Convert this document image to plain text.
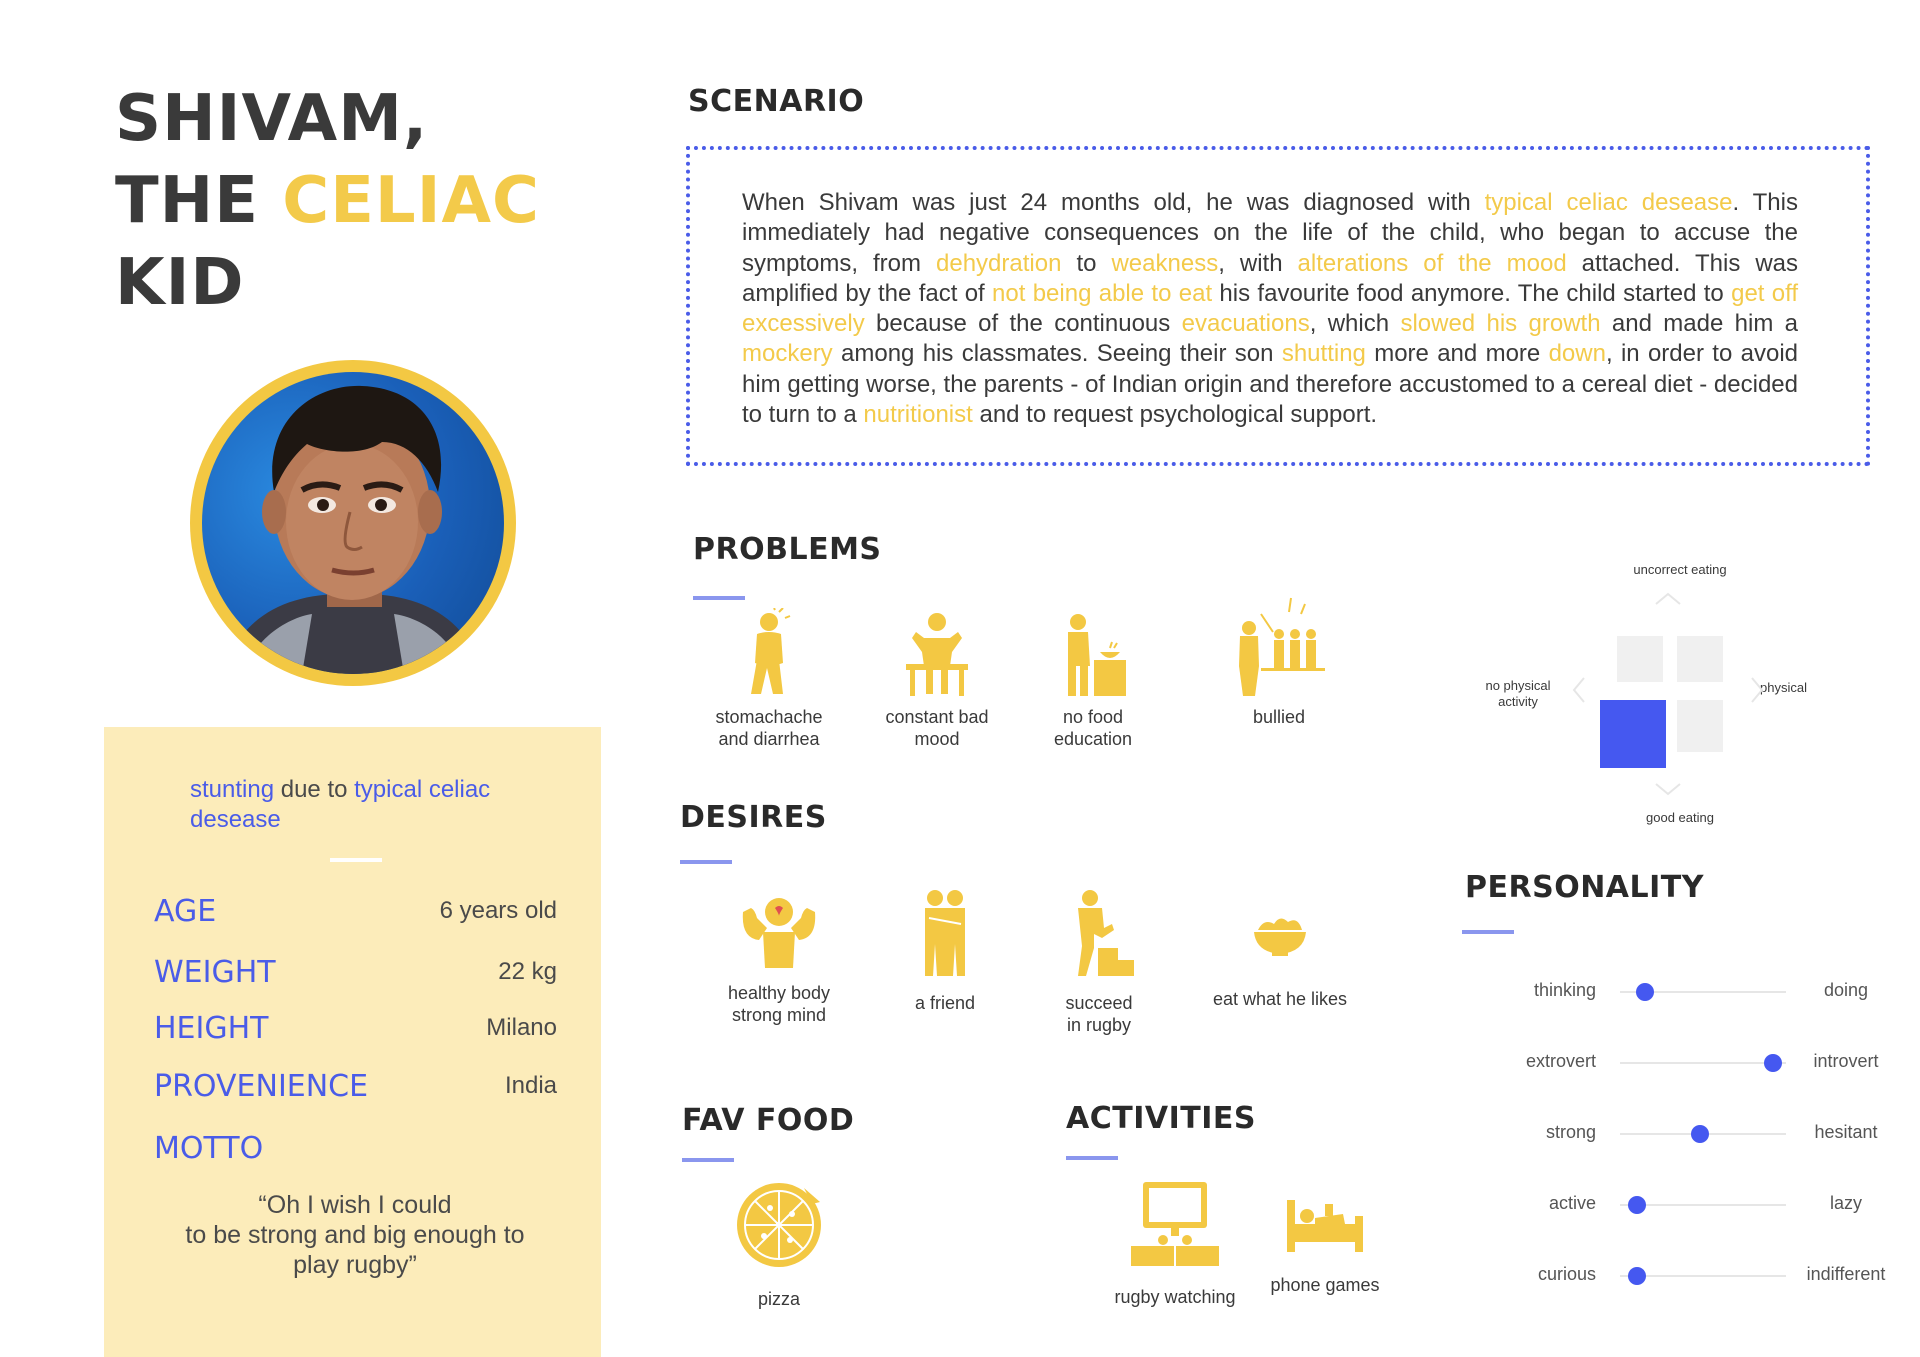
SHIVAM,
THE CELIAC
KID
stunting due to typical celiac desease
AGE	6 years old
WEIGHT	22 kg
HEIGHT	Milano
PROVENIENCE	India
MOTTO
“Oh I wish I could
to be strong and big enough to
play rugby”
SCENARIO
When Shivam was just 24 months old, he was diagnosed with typical celiac desease. This immediately had negative consequences on the life of the child, who began to accuse the symptoms, from dehydration to weakness, with alterations of the mood attached. This was amplified by the fact of not being able to eat his favourite food anymore. The child started to get off excessively because of the continuous evacuations, which slowed his growth and made him a mockery among his classmates. Seeing their son shutting more and more down, in order to avoid him getting worse, the parents - of Indian origin and therefore accustomed to a cereal diet - decided to turn to a nutritionist and to request psychological support.
PROBLEMS
stomachache
and diarrhea
constant bad
mood
no food
education
bullied
uncorrect eating
good eating
no physical
activity
physical
DESIRES
healthy body
strong mind
a friend	succeed
in rugby
eat what he likes
PERSONALITY
thinking	doing
extrovert	introvert
strong	hesitant
active	lazy
curious	indifferent
FAV FOOD
pizza
ACTIVITIES
rugby watching
phone games
